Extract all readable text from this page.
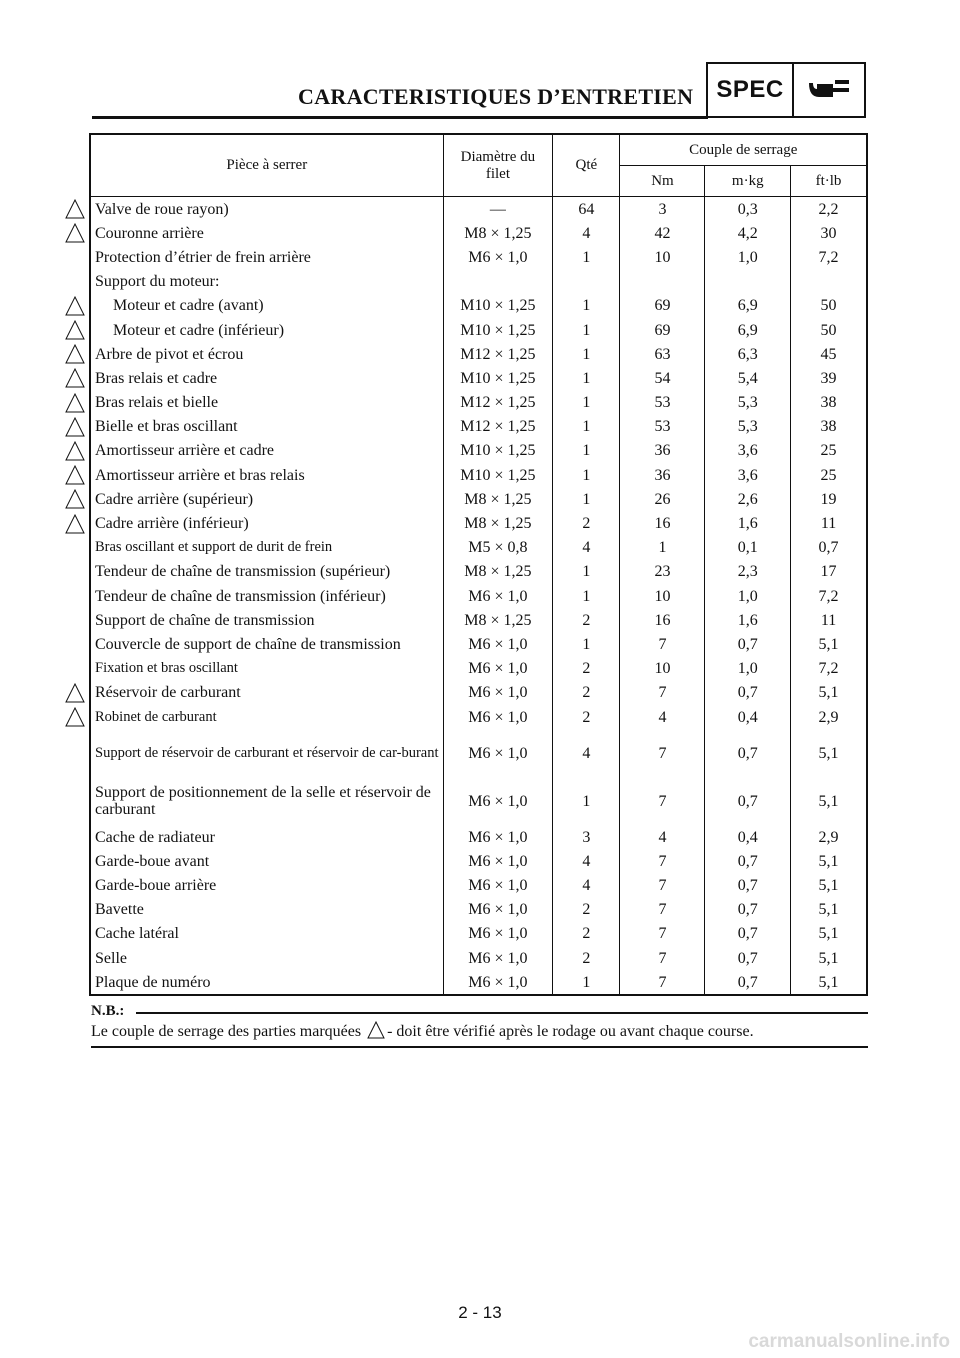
CARACTERISTIQUES D’ENTRETIEN SPEC
Pièce à serrer	Diamètre du filet	Qté	Couple de serrage		
			Nm	m·kg	ft·lb
Valve de roue rayon)	—	64	3	0,3	2,2
Couronne arrière	M8 × 1,25	4	42	4,2	30
Protection d’étrier de frein arrière	M6 × 1,0	1	10	1,0	7,2
Support du moteur:					
Moteur et cadre (avant)	M10 × 1,25	1	69	6,9	50
Moteur et cadre (inférieur)	M10 × 1,25	1	69	6,9	50
Arbre de pivot et écrou	M12 × 1,25	1	63	6,3	45
Bras relais et cadre	M10 × 1,25	1	54	5,4	39
Bras relais et bielle	M12 × 1,25	1	53	5,3	38
Bielle et bras oscillant	M12 × 1,25	1	53	5,3	38
Amortisseur arrière et cadre	M10 × 1,25	1	36	3,6	25
Amortisseur arrière et bras relais	M10 × 1,25	1	36	3,6	25
Cadre arrière (supérieur)	M8 × 1,25	1	26	2,6	19
Cadre arrière (inférieur)	M8 × 1,25	2	16	1,6	11
Bras oscillant et support de durit de frein	M5 × 0,8	4	1	0,1	0,7
Tendeur de chaîne de transmission (supérieur)	M8 × 1,25	1	23	2,3	17
Tendeur de chaîne de transmission (inférieur)	M6 × 1,0	1	10	1,0	7,2
Support de chaîne de transmission	M8 × 1,25	2	16	1,6	11
Couvercle de support de chaîne de transmission	M6 × 1,0	1	7	0,7	5,1
Fixation et bras oscillant	M6 × 1,0	2	10	1,0	7,2
Réservoir de carburant	M6 × 1,0	2	7	0,7	5,1
Robinet de carburant	M6 × 1,0	2	4	0,4	2,9
Support de réservoir de carburant et réservoir de car-burant	M6 × 1,0	4	7	0,7	5,1
Support de positionnement de la selle et réservoir de carburant	M6 × 1,0	1	7	0,7	5,1
Cache de radiateur	M6 × 1,0	3	4	0,4	2,9
Garde-boue avant	M6 × 1,0	4	7	0,7	5,1
Garde-boue arrière	M6 × 1,0	4	7	0,7	5,1
Bavette	M6 × 1,0	2	7	0,7	5,1
Cache latéral	M6 × 1,0	2	7	0,7	5,1
Selle	M6 × 1,0	2	7	0,7	5,1
Plaque de numéro	M6 × 1,0	1	7	0,7	5,1
N.B.:
Le couple de serrage des parties marquées - doit être vérifié après le rodage ou avant chaque course.
2 - 13
carmanualsonline.info
